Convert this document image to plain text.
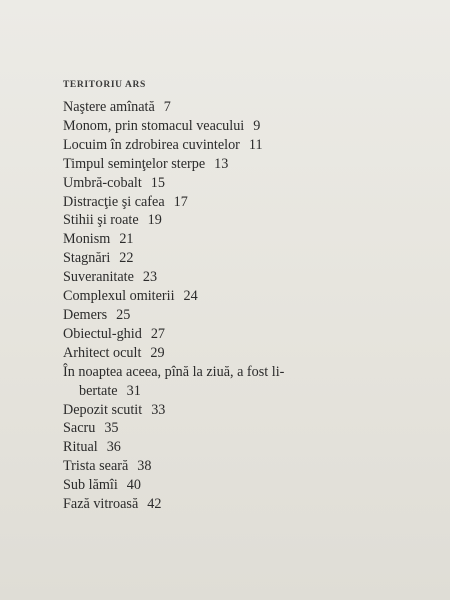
TERITORIU ARS
Naştere amînată 7
Monom, prin stomacul veacului 9
Locuim în zdrobirea cuvintelor 11
Timpul seminţelor sterpe 13
Umbră-cobalt 15
Distracţie şi cafea 17
Stihii şi roate 19
Monism 21
Stagnări 22
Suveranitate 23
Complexul omiterii 24
Demers 25
Obiectul-ghid 27
Arhitect ocult 29
În noaptea aceea, pînă la ziuă, a fost li-
bertate 31
Depozit scutit 33
Sacru 35
Ritual 36
Trista seară 38
Sub lămîi 40
Fază vitroasă 42
